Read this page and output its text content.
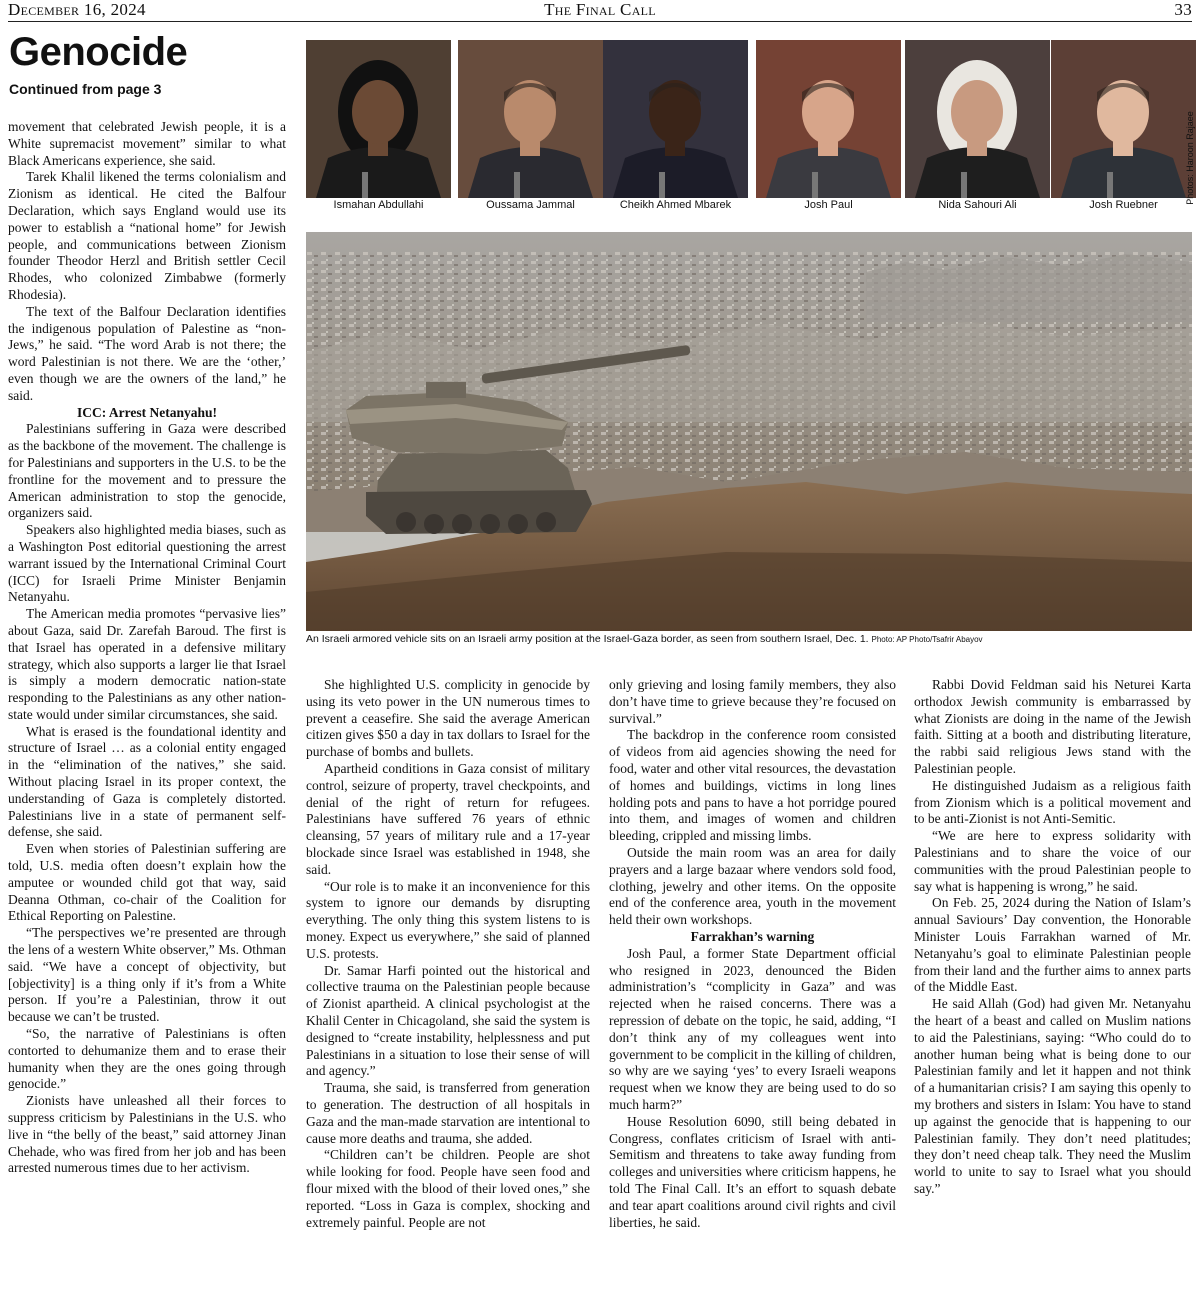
December 16, 2024	The Final Call	33
Genocide
Continued from page 3

movement that celebrated Jewish people, it is a White supremacist movement” similar to what Black Americans experience, she said.

Tarek Khalil likened the terms colonialism and Zionism as identical. He cited the Balfour Declaration, which says England would use its power to establish a “national home” for Jewish people, and communications between Zionism founder Theodor Herzl and British settler Cecil Rhodes, who colonized Zimbabwe (formerly Rhodesia).

The text of the Balfour Declaration identifies the indigenous population of Palestine as “non-Jews,” he said. “The word Arab is not there; the word Palestinian is not there. We are the ‘other,’ even though we are the owners of the land,” he said.

ICC: Arrest Netanyahu!

Palestinians suffering in Gaza were described as the backbone of the movement. The challenge is for Palestinians and supporters in the U.S. to be the frontline for the movement and to pressure the American administration to stop the genocide, organizers said.

Speakers also highlighted media biases, such as a Washington Post editorial questioning the arrest warrant issued by the International Criminal Court (ICC) for Israeli Prime Minister Benjamin Netanyahu.

The American media promotes “pervasive lies” about Gaza, said Dr. Zarefah Baroud. The first is that Israel has operated in a defensive military strategy, which also supports a larger lie that Israel is simply a modern democratic nation-state responding to the Palestinians as any other nation-state would under similar circumstances, she said.

What is erased is the foundational identity and structure of Israel … as a colonial entity engaged in the “elimination of the natives,” she said. Without placing Israel in its proper context, the understanding of Gaza is completely distorted. Palestinians live in a state of permanent self-defense, she said.

Even when stories of Palestinian suffering are told, U.S. media often doesn’t explain how the amputee or wounded child got that way, said Deanna Othman, co-chair of the Coalition for Ethical Reporting on Palestine.

“The perspectives we’re presented are through the lens of a western White observer,” Ms. Othman said. “We have a concept of objectivity, but [objectivity] is a thing only if it’s from a White person. If you’re a Palestinian, throw it out because we can’t be trusted.

“So, the narrative of Palestinians is often contorted to dehumanize them and to erase their humanity when they are the ones going through genocide.”

Zionists have unleashed all their forces to suppress criticism by Palestinians in the U.S. who live in “the belly of the beast,” said attorney Jinan Chehade, who was fired from her job and has been arrested numerous times due to her activism.

She highlighted U.S. complicity in genocide by using its veto power in the UN numerous times to prevent a ceasefire. She said the average American citizen gives $50 a day in tax dollars to Israel for the purchase of bombs and bullets.

Apartheid conditions in Gaza consist of military control, seizure of property, travel checkpoints, and denial of the right of return for refugees. Palestinians have suffered 76 years of ethnic cleansing, 57 years of military rule and a 17-year blockade since Israel was established in 1948, she said.

“Our role is to make it an inconvenience for this system to ignore our demands by disrupting everything. The only thing this system listens to is money. Expect us everywhere,” she said of planned U.S. protests.

Dr. Samar Harfi pointed out the historical and collective trauma on the Palestinian people because of Zionist apartheid. A clinical psychologist at the Khalil Center in Chicagoland, she said the system is designed to “create instability, helplessness and put Palestinians in a situation to lose their sense of will and agency.”

Trauma, she said, is transferred from generation to generation. The destruction of all hospitals in Gaza and the man-made starvation are intentional to cause more deaths and trauma, she added.

“Children can’t be children. People are shot while looking for food. People have seen food and flour mixed with the blood of their loved ones,” she reported. “Loss in Gaza is complex, shocking and extremely painful. People are not

only grieving and losing family members, they also don’t have time to grieve because they’re focused on survival.”

The backdrop in the conference room consisted of videos from aid agencies showing the need for food, water and other vital resources, the devastation of homes and buildings, victims in long lines holding pots and pans to have a hot porridge poured into them, and images of women and children bleeding, crippled and missing limbs.

Outside the main room was an area for daily prayers and a large bazaar where vendors sold food, clothing, jewelry and other items. On the opposite end of the conference area, youth in the movement held their own workshops.

Farrakhan’s warning

Josh Paul, a former State Department official who resigned in 2023, denounced the Biden administration’s “complicity in Gaza” and was rejected when he raised concerns. There was a repression of debate on the topic, he said, adding, “I don’t think any of my colleagues went into government to be complicit in the killing of children, so why are we saying ‘yes’ to every Israeli weapons request when we know they are being used to do so much harm?”

House Resolution 6090, still being debated in Congress, conflates criticism of Israel with anti-Semitism and threatens to take away funding from colleges and universities where criticism happens, he told The Final Call. It’s an effort to squash debate and tear apart coalitions around civil rights and civil liberties, he said.

Rabbi Dovid Feldman said his Neturei Karta orthodox Jewish community is embarrassed by what Zionists are doing in the name of the Jewish faith. Sitting at a booth and distributing literature, the rabbi said religious Jews stand with the Palestinian people.

He distinguished Judaism as a religious faith from Zionism which is a political movement and to be anti-Zionist is not Anti-Semitic.

“We are here to express solidarity with Palestinians and to share the voice of our communities with the proud Palestinian people to say what is happening is wrong,” he said.

On Feb. 25, 2024 during the Nation of Islam’s annual Saviours’ Day convention, the Honorable Minister Louis Farrakhan warned of Mr. Netanyahu’s goal to eliminate Palestinian people from their land and the further aims to annex parts of the Middle East.

He said Allah (God) had given Mr. Netanyahu the heart of a beast and called on Muslim nations to aid the Palestinians, saying: “Who could do to another human being what is being done to our Palestinian family and let it happen and not think of a humanitarian crisis? I am saying this openly to my brothers and sisters in Islam: You have to stand up against the genocide that is happening to our Palestinian family. They don’t need platitudes; they don’t need cheap talk. They need the Muslim world to unite to say to Israel what you should say.”

Ismahan Abdullahi	Oussama Jammal	Cheikh Ahmed Mbarek	Josh Paul	Nida Sahouri Ali	Josh Ruebner
Photos: Haroon Rajaee
An Israeli armored vehicle sits on an Israeli army position at the Israel-Gaza border, as seen from southern Israel, Dec. 1. Photo: AP Photo/Tsafrir Abayov
